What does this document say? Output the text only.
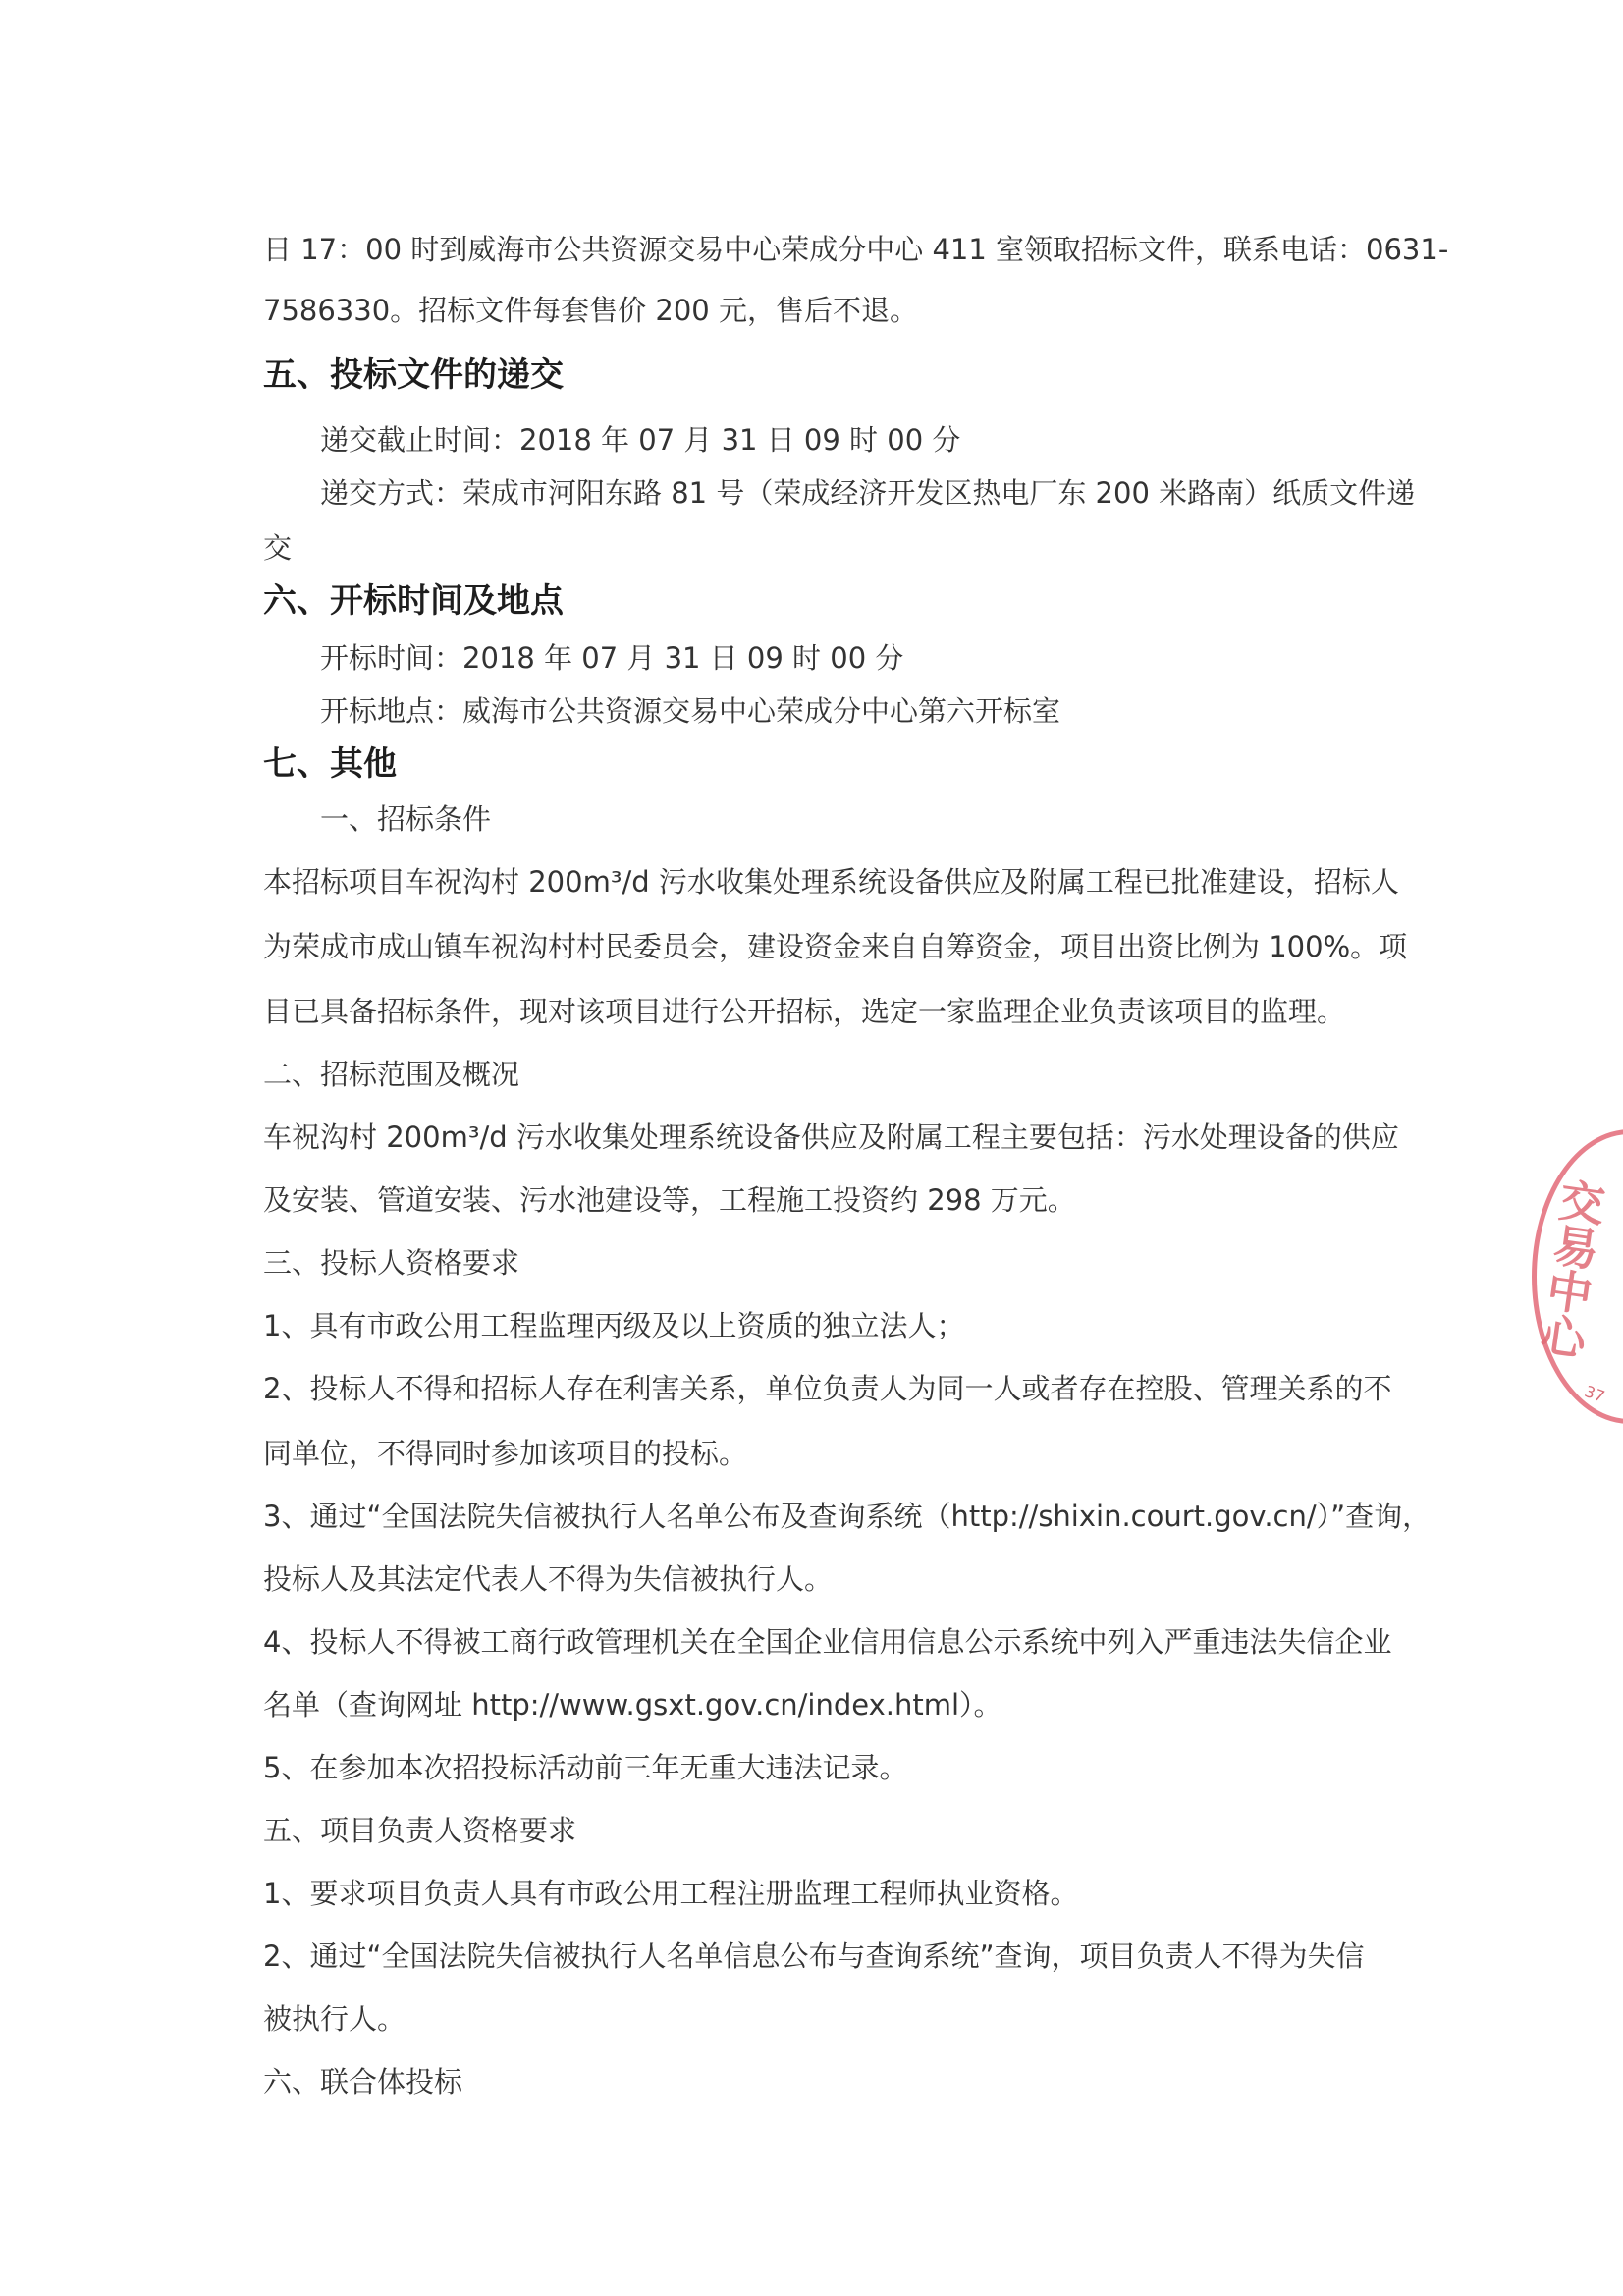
日 17：00 时到威海市公共资源交易中心荣成分中心 411 室领取招标文件，联系电话：0631-
7586330。招标文件每套售价 200 元，售后不退。
五、投标文件的递交
递交截止时间：2018 年 07 月 31 日 09 时 00 分
递交方式：荣成市河阳东路 81 号（荣成经济开发区热电厂东 200 米路南）纸质文件递
交
六、开标时间及地点
开标时间：2018 年 07 月 31 日 09 时 00 分
开标地点：威海市公共资源交易中心荣成分中心第六开标室
七、其他
一、招标条件
本招标项目车祝沟村 200m³/d 污水收集处理系统设备供应及附属工程已批准建设，招标人
为荣成市成山镇车祝沟村村民委员会，建设资金来自自筹资金，项目出资比例为 100%。项
目已具备招标条件，现对该项目进行公开招标，选定一家监理企业负责该项目的监理。
二、招标范围及概况
车祝沟村 200m³/d 污水收集处理系统设备供应及附属工程主要包括：污水处理设备的供应
及安装、管道安装、污水池建设等，工程施工投资约 298 万元。
三、投标人资格要求
1、具有市政公用工程监理丙级及以上资质的独立法人；
2、投标人不得和招标人存在利害关系，单位负责人为同一人或者存在控股、管理关系的不
同单位，不得同时参加该项目的投标。
3、通过“全国法院失信被执行人名单公布及查询系统（http://shixin.court.gov.cn/）”查询，
投标人及其法定代表人不得为失信被执行人。
4、投标人不得被工商行政管理机关在全国企业信用信息公示系统中列入严重违法失信企业
名单（查询网址 http://www.gsxt.gov.cn/index.html）。
5、在参加本次招投标活动前三年无重大违法记录。
五、项目负责人资格要求
1、要求项目负责人具有市政公用工程注册监理工程师执业资格。
2、通过“全国法院失信被执行人名单信息公布与查询系统”查询，项目负责人不得为失信
被执行人。
六、联合体投标
交易中心
37
